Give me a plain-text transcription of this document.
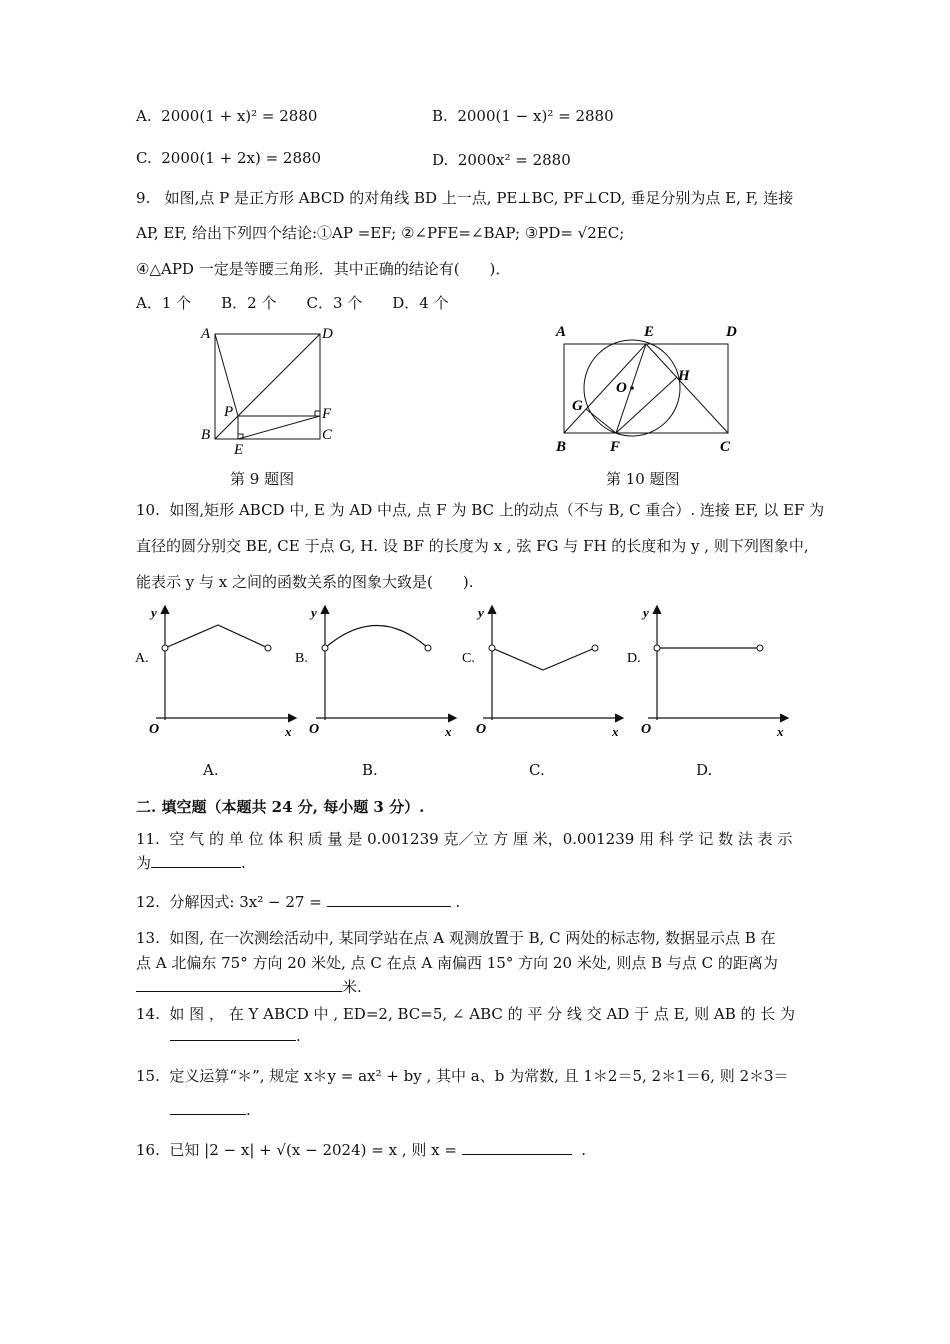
A. 2000(1 + x)² = 2880	B. 2000(1 − x)² = 2880
C. 2000(1 + 2x) = 2880	D. 2000x² = 2880
9. 如图,点 P 是正方形 ABCD 的对角线 BD 上一点, PE⊥BC, PF⊥CD, 垂足分别为点 E, F, 连接
AP, EF, 给出下列四个结论:①AP =EF; ②∠PFE=∠BAP; ③PD= √2EC;
④△APD 一定是等腰三角形．其中正确的结论有(　　)．
A．1 个　　B．2 个　　C．3 个　　D．4 个
A	D
B	C
P	F
E
第 9 题图
A	E	D
O
H
G
B	F	C
第 10 题图
10. 如图,矩形 ABCD 中, E 为 AD 中点, 点 F 为 BC 上的动点（不与 B, C 重合）. 连接 EF, 以 EF 为
直径的圆分别交 BE, CE 于点 G, H. 设 BF 的长度为 x , 弦 FG 与 FH 的长度和为 y , 则下列图象中,
能表示 y 与 x 之间的函数关系的图象大致是(　　).
y
x
O
A.
A.
y
x
O
B.
B.
y
x
O
C.
C.
y
x
O
D.
D.
二. 填空题（本题共 24 分, 每小题 3 分）.
11. 空 气 的 单 位 体 积 质 量 是 0.001239 克／立 方 厘 米，0.001239 用 科 学 记 数 法 表 示
为	.
12. 分解因式: 3x² − 27 =	.
13. 如图, 在一次测绘活动中, 某同学站在点 A 观测放置于 B, C 两处的标志物, 数据显示点 B 在
点 A 北偏东 75° 方向 20 米处, 点 C 在点 A 南偏西 15° 方向 20 米处, 则点 B 与点 C 的距离为
米.
14. 如 图 ， 在 Y ABCD 中 , ED=2, BC=5, ∠ ABC 的 平 分 线 交 AD 于 点 E, 则 AB 的 长 为
.
15. 定义运算“＊”, 规定 x＊y = ax² + by , 其中 a、b 为常数, 且 1＊2＝5, 2＊1＝6, 则 2＊3＝
.
16. 已知 |2 − x| + √(x − 2024) = x , 则 x =	.
